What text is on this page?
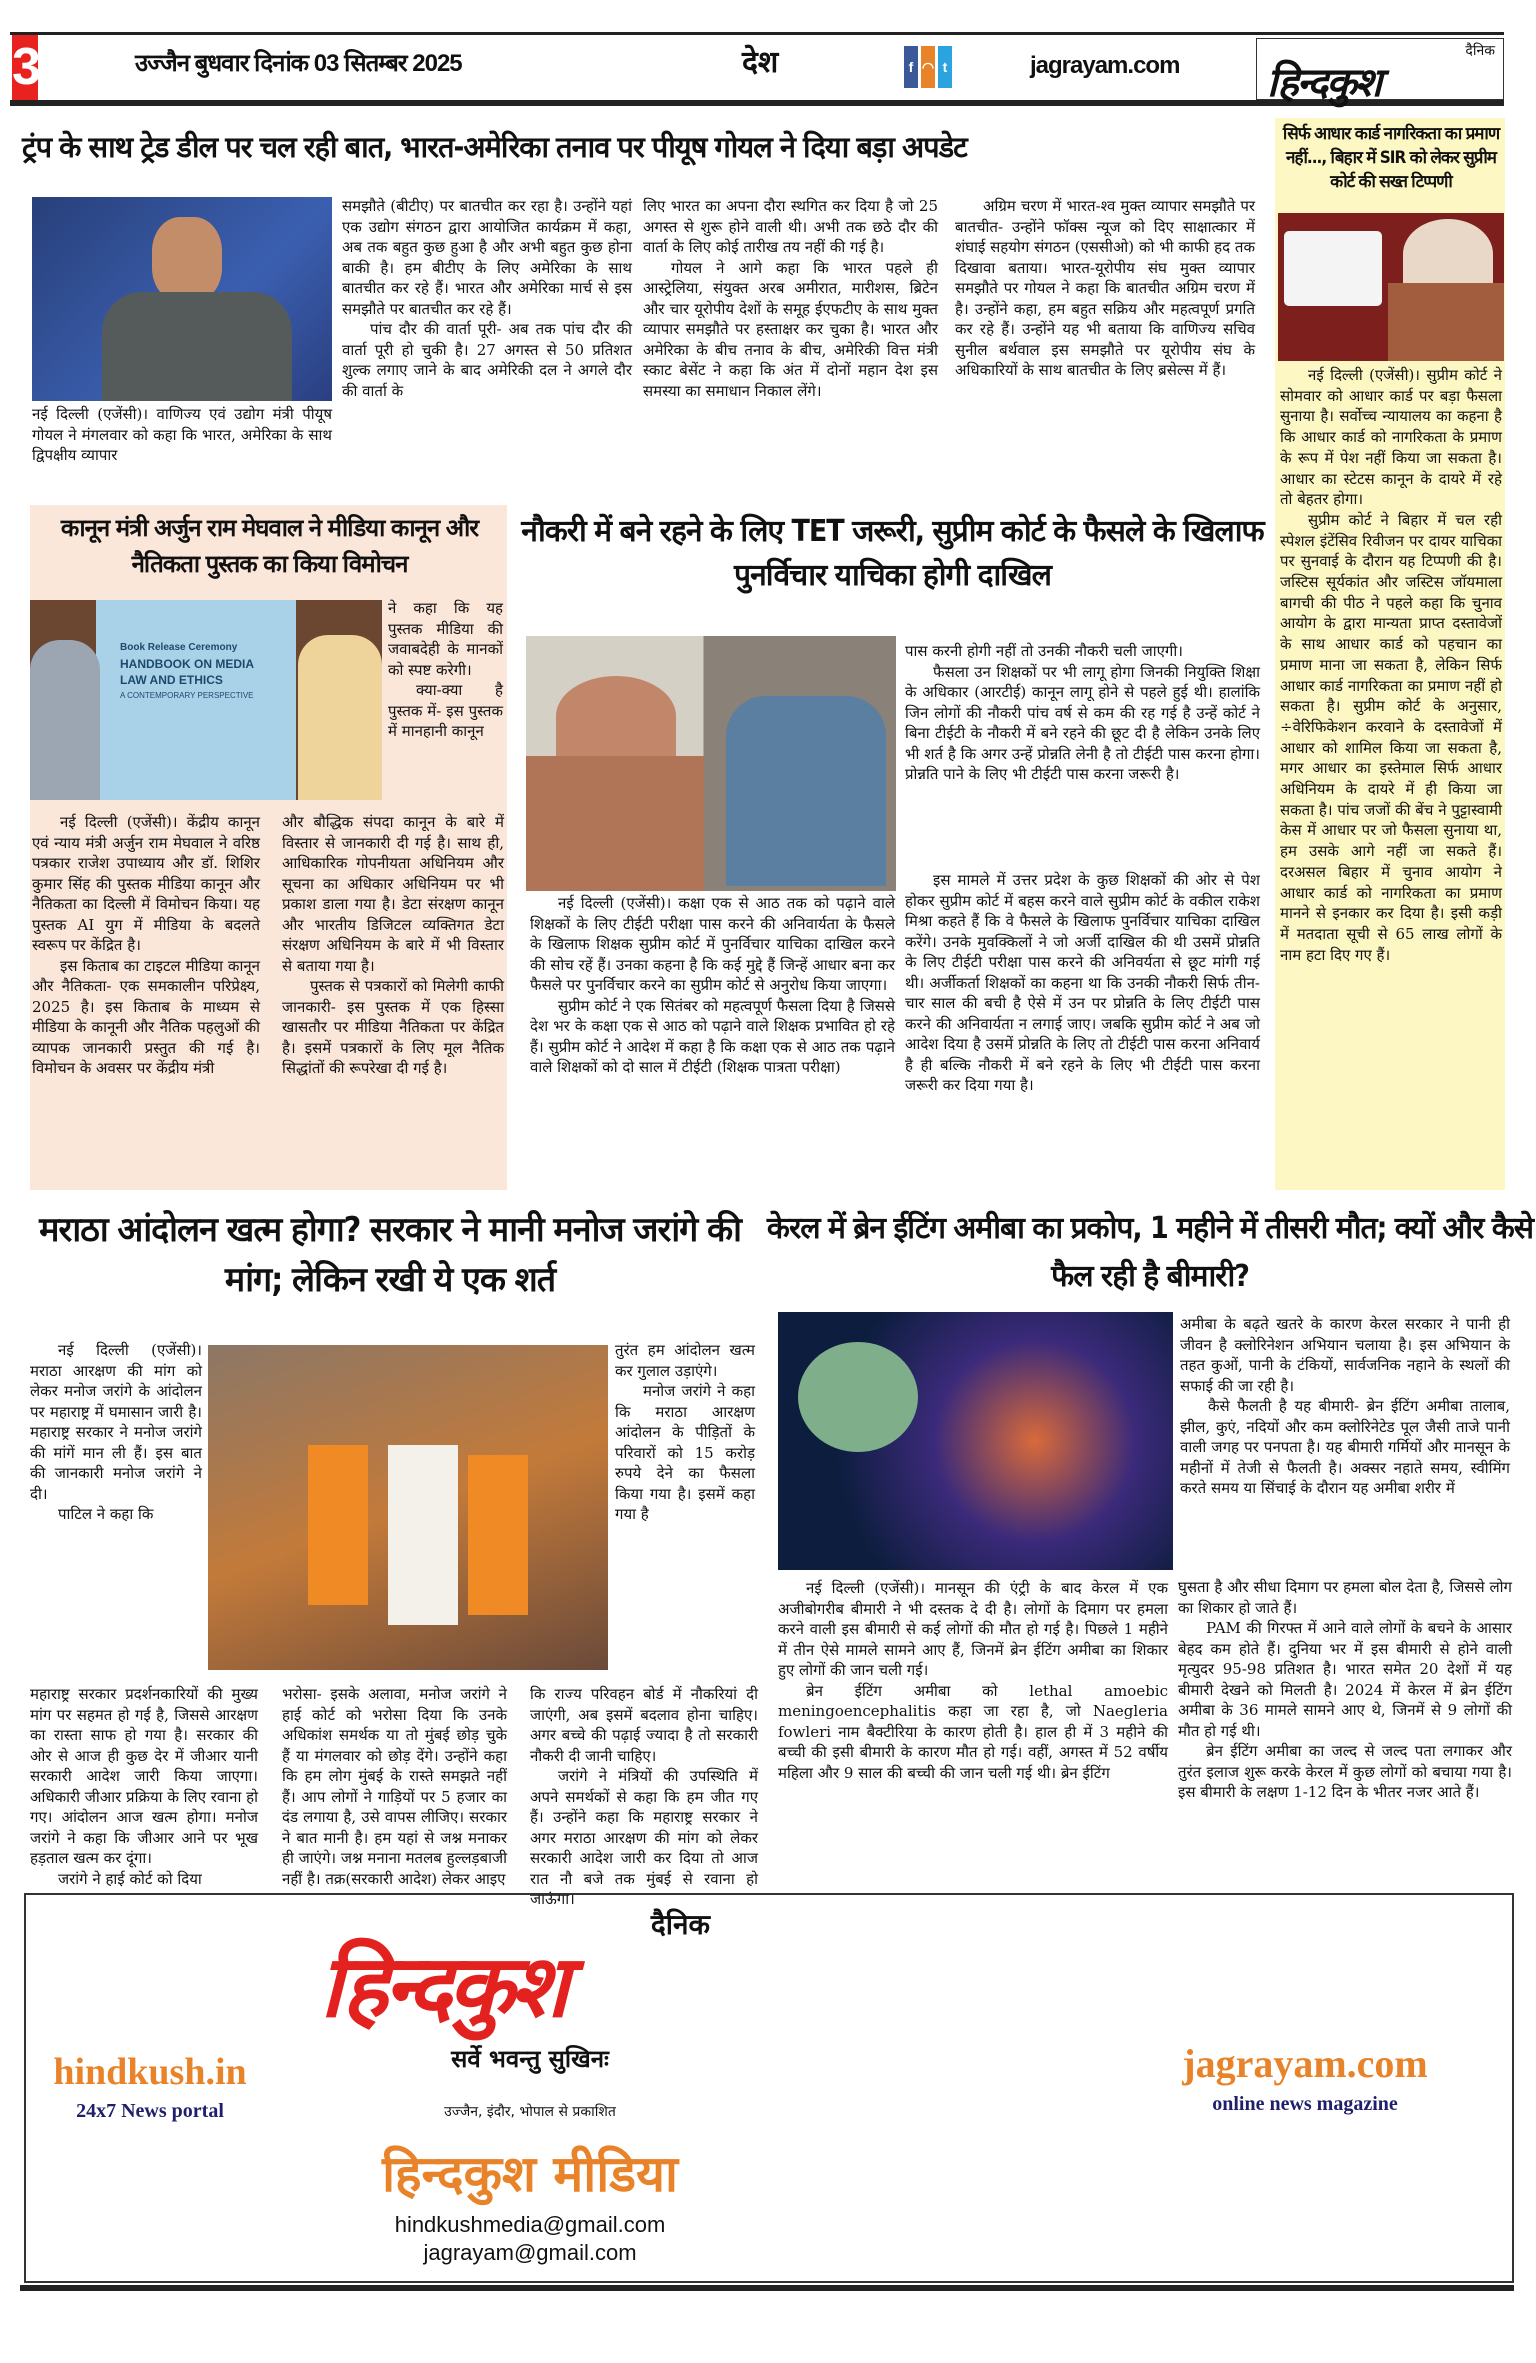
3	उज्जैन बुधवार दिनांक 03 सितम्बर 2025	देश	f ◠ t	jagrayam.com
दैनिक
हिन्दकुश
ट्रंप के साथ ट्रेड डील पर चल रही बात, भारत-अमेरिका तनाव पर पीयूष गोयल ने दिया बड़ा अपडेट
नई दिल्ली (एजेंसी)। वाणिज्य एवं उद्योग मंत्री पीयूष गोयल ने मंगलवार को कहा कि भारत, अमेरिका के साथ द्विपक्षीय व्यापार

समझौते (बीटीए) पर बातचीत कर रहा है। उन्होंने यहां एक उद्योग संगठन द्वारा आयोजित कार्यक्रम में कहा, अब तक बहुत कुछ हुआ है और अभी बहुत कुछ होना बाकी है। हम बीटीए के लिए अमेरिका के साथ बातचीत कर रहे हैं। भारत और अमेरिका मार्च से इस समझौते पर बातचीत कर रहे हैं।

पांच दौर की वार्ता पूरी- अब तक पांच दौर की वार्ता पूरी हो चुकी है। 27 अगस्त से 50 प्रतिशत शुल्क लगाए जाने के बाद अमेरिकी दल ने अगले दौर की वार्ता के

लिए भारत का अपना दौरा स्थगित कर दिया है जो 25 अगस्त से शुरू होने वाली थी। अभी तक छठे दौर की वार्ता के लिए कोई तारीख तय नहीं की गई है।

गोयल ने आगे कहा कि भारत पहले ही आस्ट्रेलिया, संयुक्त अरब अमीरात, मारीशस, ब्रिटेन और चार यूरोपीय देशों के समूह ईएफटीए के साथ मुक्त व्यापार समझौते पर हस्ताक्षर कर चुका है। भारत और अमेरिका के बीच तनाव के बीच, अमेरिकी वित्त मंत्री स्काट बेसेंट ने कहा कि अंत में दोनों महान देश इस समस्या का समाधान निकाल लेंगे।

अग्रिम चरण में भारत-श्व मुक्त व्यापार समझौते पर बातचीत- उन्होंने फॉक्स न्यूज को दिए साक्षात्कार में शंघाई सहयोग संगठन (एससीओ) को भी काफी हद तक दिखावा बताया। भारत-यूरोपीय संघ मुक्त व्यापार समझौते पर गोयल ने कहा कि बातचीत अग्रिम चरण में है। उन्होंने कहा, हम बहुत सक्रिय और महत्वपूर्ण प्रगति कर रहे हैं। उन्होंने यह भी बताया कि वाणिज्य सचिव सुनील बर्थवाल इस समझौते पर यूरोपीय संघ के अधिकारियों के साथ बातचीत के लिए ब्रसेल्स में हैं।

सिर्फ आधार कार्ड नागरिकता का प्रमाण नहीं..., बिहार में SIR को लेकर सुप्रीम कोर्ट की सख्त टिप्पणी

नई दिल्ली (एजेंसी)। सुप्रीम कोर्ट ने सोमवार को आधार कार्ड पर बड़ा फैसला सुनाया है। सर्वोच्च न्यायालय का कहना है कि आधार कार्ड को नागरिकता के प्रमाण के रूप में पेश नहीं किया जा सकता है। आधार का स्टेटस कानून के दायरे में रहे तो बेहतर होगा।

सुप्रीम कोर्ट ने बिहार में चल रही स्पेशल इंटेंसिव रिवीजन पर दायर याचिका पर सुनवाई के दौरान यह टिप्पणी की है। जस्टिस सूर्यकांत और जस्टिस जॉयमाला बागची की पीठ ने पहले कहा कि चुनाव आयोग के द्वारा मान्यता प्राप्त दस्तावेजों के साथ आधार कार्ड को पहचान का प्रमाण माना जा सकता है, लेकिन सिर्फ आधार कार्ड नागरिकता का प्रमाण नहीं हो सकता है। सुप्रीम कोर्ट के अनुसार, ÷वेरिफिकेशन करवाने के दस्तावेजों में आधार को शामिल किया जा सकता है, मगर आधार का इस्तेमाल सिर्फ आधार अधिनियम के दायरे में ही किया जा सकता है। पांच जजों की बेंच ने पुट्टास्वामी केस में आधार पर जो फैसला सुनाया था, हम उसके आगे नहीं जा सकते हैं। दरअसल बिहार में चुनाव आयोग ने आधार कार्ड को नागरिकता का प्रमाण मानने से इनकार कर दिया है। इसी कड़ी में मतदाता सूची से 65 लाख लोगों के नाम हटा दिए गए हैं।

कानून मंत्री अर्जुन राम मेघवाल ने मीडिया कानून और नैतिकता पुस्तक का किया विमोचन
Book Release Ceremony
HANDBOOK ON MEDIA
LAW AND ETHICS
A CONTEMPORARY PERSPECTIVE

ने कहा कि यह पुस्तक मीडिया की जवाबदेही के मानकों को स्पष्ट करेगी।

क्या-क्या है पुस्तक में- इस पुस्तक में मानहानी कानून

नई दिल्ली (एजेंसी)। केंद्रीय कानून एवं न्याय मंत्री अर्जुन राम मेघवाल ने वरिष्ठ पत्रकार राजेश उपाध्याय और डॉ. शिशिर कुमार सिंह की पुस्तक मीडिया कानून और नैतिकता का दिल्ली में विमोचन किया। यह पुस्तक AI युग में मीडिया के बदलते स्वरूप पर केंद्रित है।

इस किताब का टाइटल मीडिया कानून और नैतिकता- एक समकालीन परिप्रेक्ष्य, 2025 है। इस किताब के माध्यम से मीडिया के कानूनी और नैतिक पहलुओं की व्यापक जानकारी प्रस्तुत की गई है। विमोचन के अवसर पर केंद्रीय मंत्री

और बौद्धिक संपदा कानून के बारे में विस्तार से जानकारी दी गई है। साथ ही, आधिकारिक गोपनीयता अधिनियम और सूचना का अधिकार अधिनियम पर भी प्रकाश डाला गया है। डेटा संरक्षण कानून और भारतीय डिजिटल व्यक्तिगत डेटा संरक्षण अधिनियम के बारे में भी विस्तार से बताया गया है।

पुस्तक से पत्रकारों को मिलेगी काफी जानकारी- इस पुस्तक में एक हिस्सा खासतौर पर मीडिया नैतिकता पर केंद्रित है। इसमें पत्रकारों के लिए मूल नैतिक सिद्धांतों की रूपरेखा दी गई है।

नौकरी में बने रहने के लिए TET जरूरी, सुप्रीम कोर्ट के फैसले के खिलाफ पुनर्विचार याचिका होगी दाखिल

पास करनी होगी नहीं तो उनकी नौकरी चली जाएगी।

फैसला उन शिक्षकों पर भी लागू होगा जिनकी नियुक्ति शिक्षा के अधिकार (आरटीई) कानून लागू होने से पहले हुई थी। हालांकि जिन लोगों की नौकरी पांच वर्ष से कम की रह गई है उन्हें कोर्ट ने बिना टीईटी के नौकरी में बने रहने की छूट दी है लेकिन उनके लिए भी शर्त है कि अगर उन्हें प्रोन्नति लेनी है तो टीईटी पास करना होगा। प्रोन्नति पाने के लिए भी टीईटी पास करना जरूरी है।

नई दिल्ली (एजेंसी)। कक्षा एक से आठ तक को पढ़ाने वाले शिक्षकों के लिए टीईटी परीक्षा पास करने की अनिवार्यता के फैसले के खिलाफ शिक्षक सुप्रीम कोर्ट में पुनर्विचार याचिका दाखिल करने की सोच रहें हैं। उनका कहना है कि कई मुद्दे हैं जिन्हें आधार बना कर फैसले पर पुनर्विचार करने का सुप्रीम कोर्ट से अनुरोध किया जाएगा।

सुप्रीम कोर्ट ने एक सितंबर को महत्वपूर्ण फैसला दिया है जिससे देश भर के कक्षा एक से आठ को पढ़ाने वाले शिक्षक प्रभावित हो रहे हैं। सुप्रीम कोर्ट ने आदेश में कहा है कि कक्षा एक से आठ तक पढ़ाने वाले शिक्षकों को दो साल में टीईटी (शिक्षक पात्रता परीक्षा)

इस मामले में उत्तर प्रदेश के कुछ शिक्षकों की ओर से पेश होकर सुप्रीम कोर्ट में बहस करने वाले सुप्रीम कोर्ट के वकील राकेश मिश्रा कहते हैं कि वे फैसले के खिलाफ पुनर्विचार याचिका दाखिल करेंगे। उनके मुवक्किलों ने जो अर्जी दाखिल की थी उसमें प्रोन्नति के लिए टीईटी परीक्षा पास करने की अनिवर्यता से छूट मांगी गई थी। अर्जीकर्ता शिक्षकों का कहना था कि उनकी नौकरी सिर्फ तीन-चार साल की बची है ऐसे में उन पर प्रोन्नति के लिए टीईटी पास करने की अनिवार्यता न लगाई जाए। जबकि सुप्रीम कोर्ट ने अब जो आदेश दिया है उसमें प्रोन्नति के लिए तो टीईटी पास करना अनिवार्य है ही बल्कि नौकरी में बने रहने के लिए भी टीईटी पास करना जरूरी कर दिया गया है।

मराठा आंदोलन खत्म होगा? सरकार ने मानी मनोज जरांगे की मांग; लेकिन रखी ये एक शर्त

नई दिल्ली (एजेंसी)। मराठा आरक्षण की मांग को लेकर मनोज जरांगे के आंदोलन पर महाराष्ट्र में घमासान जारी है। महाराष्ट्र सरकार ने मनोज जरांगे की मांगें मान ली हैं। इस बात की जानकारी मनोज जरांगे ने दी।

पाटिल ने कहा कि

तुरंत हम आंदोलन खत्म कर गुलाल उड़ाएंगे।

मनोज जरांगे ने कहा कि मराठा आरक्षण आंदोलन के पीड़ितों के परिवारों को 15 करोड़ रुपये देने का फैसला किया गया है। इसमें कहा गया है

महाराष्ट्र सरकार प्रदर्शनकारियों की मुख्य मांग पर सहमत हो गई है, जिससे आरक्षण का रास्ता साफ हो गया है। सरकार की ओर से आज ही कुछ देर में जीआर यानी सरकारी आदेश जारी किया जाएगा। अधिकारी जीआर प्रक्रिया के लिए रवाना हो गए। आंदोलन आज खत्म होगा। मनोज जरांगे ने कहा कि जीआर आने पर भूख हड़ताल खत्म कर दूंगा।

जरांगे ने हाई कोर्ट को दिया

भरोसा- इसके अलावा, मनोज जरांगे ने हाई कोर्ट को भरोसा दिया कि उनके अधिकांश समर्थक या तो मुंबई छोड़ चुके हैं या मंगलवार को छोड़ देंगे। उन्होंने कहा कि हम लोग मुंबई के रास्ते समझते नहीं हैं। आप लोगों ने गाड़ियों पर 5 हजार का दंड लगाया है, उसे वापस लीजिए। सरकार ने बात मानी है। हम यहां से जश्न मनाकर ही जाएंगे। जश्न मनाना मतलब हुल्लड़बाजी नहीं है। तक्र(सरकारी आदेश) लेकर आइए

कि राज्य परिवहन बोर्ड में नौकरियां दी जाएंगी, अब इसमें बदलाव होना चाहिए। अगर बच्चे की पढ़ाई ज्यादा है तो सरकारी नौकरी दी जानी चाहिए।

जरांगे ने मंत्रियों की उपस्थिति में अपने समर्थकों से कहा कि हम जीत गए हैं। उन्होंने कहा कि महाराष्ट्र सरकार ने अगर मराठा आरक्षण की मांग को लेकर सरकारी आदेश जारी कर दिया तो आज रात नौ बजे तक मुंबई से रवाना हो जाऊंगा।

केरल में ब्रेन ईटिंग अमीबा का प्रकोप, 1 महीने में तीसरी मौत; क्यों और कैसे फैल रही है बीमारी?

अमीबा के बढ़ते खतरे के कारण केरल सरकार ने पानी ही जीवन है क्लोरिनेशन अभियान चलाया है। इस अभियान के तहत कुओं, पानी के टंकियों, सार्वजनिक नहाने के स्थलों की सफाई की जा रही है।

कैसे फैलती है यह बीमारी- ब्रेन ईटिंग अमीबा तालाब, झील, कुएं, नदियों और कम क्लोरिनेटेड पूल जैसी ताजे पानी वाली जगह पर पनपता है। यह बीमारी गर्मियों और मानसून के महीनों में तेजी से फैलती है। अक्सर नहाते समय, स्वीमिंग करते समय या सिंचाई के दौरान यह अमीबा शरीर में

नई दिल्ली (एजेंसी)। मानसून की एंट्री के बाद केरल में एक अजीबोगरीब बीमारी ने भी दस्तक दे दी है। लोगों के दिमाग पर हमला करने वाली इस बीमारी से कई लोगों की मौत हो गई है। पिछले 1 महीने में तीन ऐसे मामले सामने आए हैं, जिनमें ब्रेन ईटिंग अमीबा का शिकार हुए लोगों की जान चली गई।

ब्रेन ईटिंग अमीबा को lethal amoebic meningoencephalitis कहा जा रहा है, जो Naegleria fowleri नाम बैक्टीरिया के कारण होती है। हाल ही में 3 महीने की बच्ची की इसी बीमारी के कारण मौत हो गई। वहीं, अगस्त में 52 वर्षीय महिला और 9 साल की बच्ची की जान चली गई थी। ब्रेन ईटिंग

घुसता है और सीधा दिमाग पर हमला बोल देता है, जिससे लोग का शिकार हो जाते हैं।

PAM की गिरफ्त में आने वाले लोगों के बचने के आसार बेहद कम होते हैं। दुनिया भर में इस बीमारी से होने वाली मृत्युदर 95-98 प्रतिशत है। भारत समेत 20 देशों में यह बीमारी देखने को मिलती है। 2024 में केरल में ब्रेन ईटिंग अमीबा के 36 मामले सामने आए थे, जिनमें से 9 लोगों की मौत हो गई थी।

ब्रेन ईटिंग अमीबा का जल्द से जल्द पता लगाकर और तुरंत इलाज शुरू करके केरल में कुछ लोगों को बचाया गया है। इस बीमारी के लक्षण 1-12 दिन के भीतर नजर आते हैं।

दैनिक
हिन्दकुश
सर्वे भवन्तु सुखिनः
उज्जैन, इंदौर, भोपाल से प्रकाशित
हिन्दकुश मीडिया
hindkushmedia@gmail.com
jagrayam@gmail.com
hindkush.in
24x7 News portal
jagrayam.com
online news magazine
